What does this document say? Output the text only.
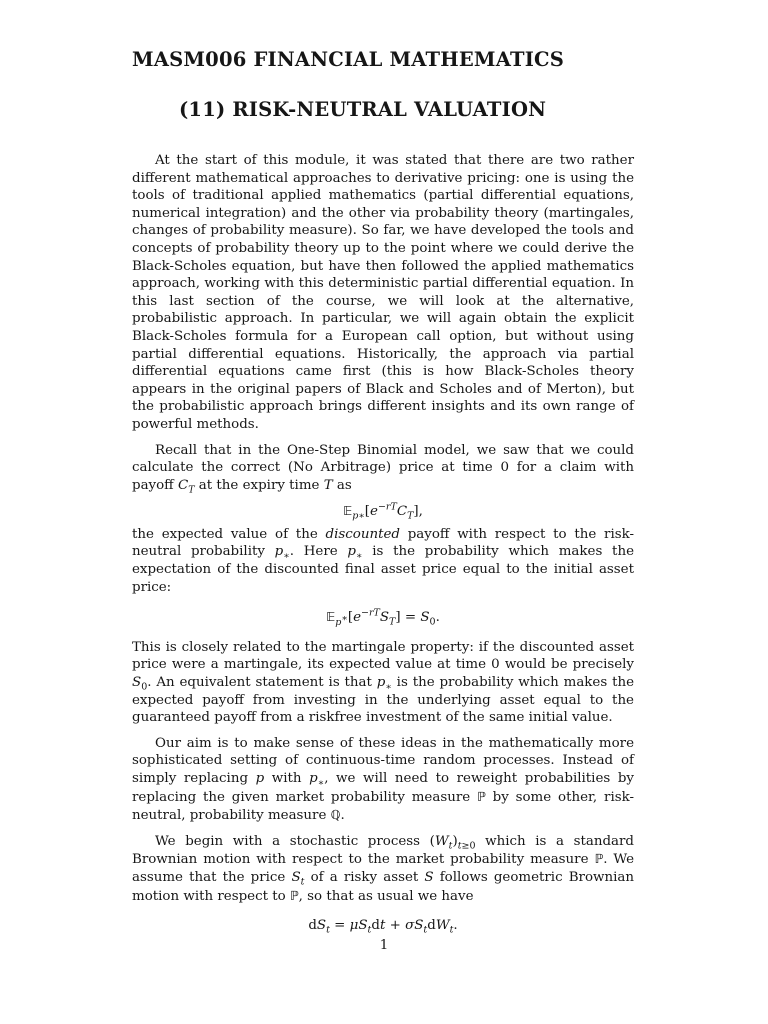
MASM006 FINANCIAL MATHEMATICS
(11) RISK-NEUTRAL VALUATION

At the start of this module, it was stated that there are two rather different mathematical approaches to derivative pricing: one is using the tools of traditional applied mathematics (partial differential equations, numerical integration) and the other via probability theory (martingales, changes of probability measure). So far, we have developed the tools and concepts of probability theory up to the point where we could derive the Black-Scholes equation, but have then followed the applied mathematics approach, working with this deterministic partial differential equation. In this last section of the course, we will look at the alternative, probabilistic approach. In particular, we will again obtain the explicit Black-Scholes formula for a European call option, but without using partial differential equations. Historically, the approach via partial differential equations came first (this is how Black-Scholes theory appears in the original papers of Black and Scholes and of Merton), but the probabilistic approach brings different insights and its own range of powerful methods.

Recall that in the One-Step Binomial model, we saw that we could calculate the correct (No Arbitrage) price at time 0 for a claim with payoff $C_T$ at the expiry time T as

$𝔼_{p∗}[e^{-rT}C_T]$,

the expected value of the discounted payoff with respect to the risk-neutral probability $p_∗$. Here $p_∗$ is the probability which makes the expectation of the discounted final asset price equal to the initial asset price:

$𝔼_{p^∗}[e^{-rT}S_T] = S_0$.

This is closely related to the martingale property: if the discounted asset price were a martingale, its expected value at time 0 would be precisely $S_0$. An equivalent statement is that $p_∗$ is the probability which makes the expected payoff from investing in the underlying asset equal to the guaranteed payoff from a riskfree investment of the same initial value.

Our aim is to make sense of these ideas in the mathematically more sophisticated setting of continuous-time random processes. Instead of simply replacing p with $p_∗$, we will need to reweight probabilities by replacing the given market probability measure ℙ by some other, risk-neutral, probability measure ℚ.

We begin with a stochastic process $(W_t)_{t\ge 0}$ which is a standard Brownian motion with respect to the market probability measure ℙ. We assume that the price $S_t$ of a risky asset S follows geometric Brownian motion with respect to ℙ, so that as usual we have

$dS_t = \mu S_tdt + \sigma S_tdW_t$.
1
